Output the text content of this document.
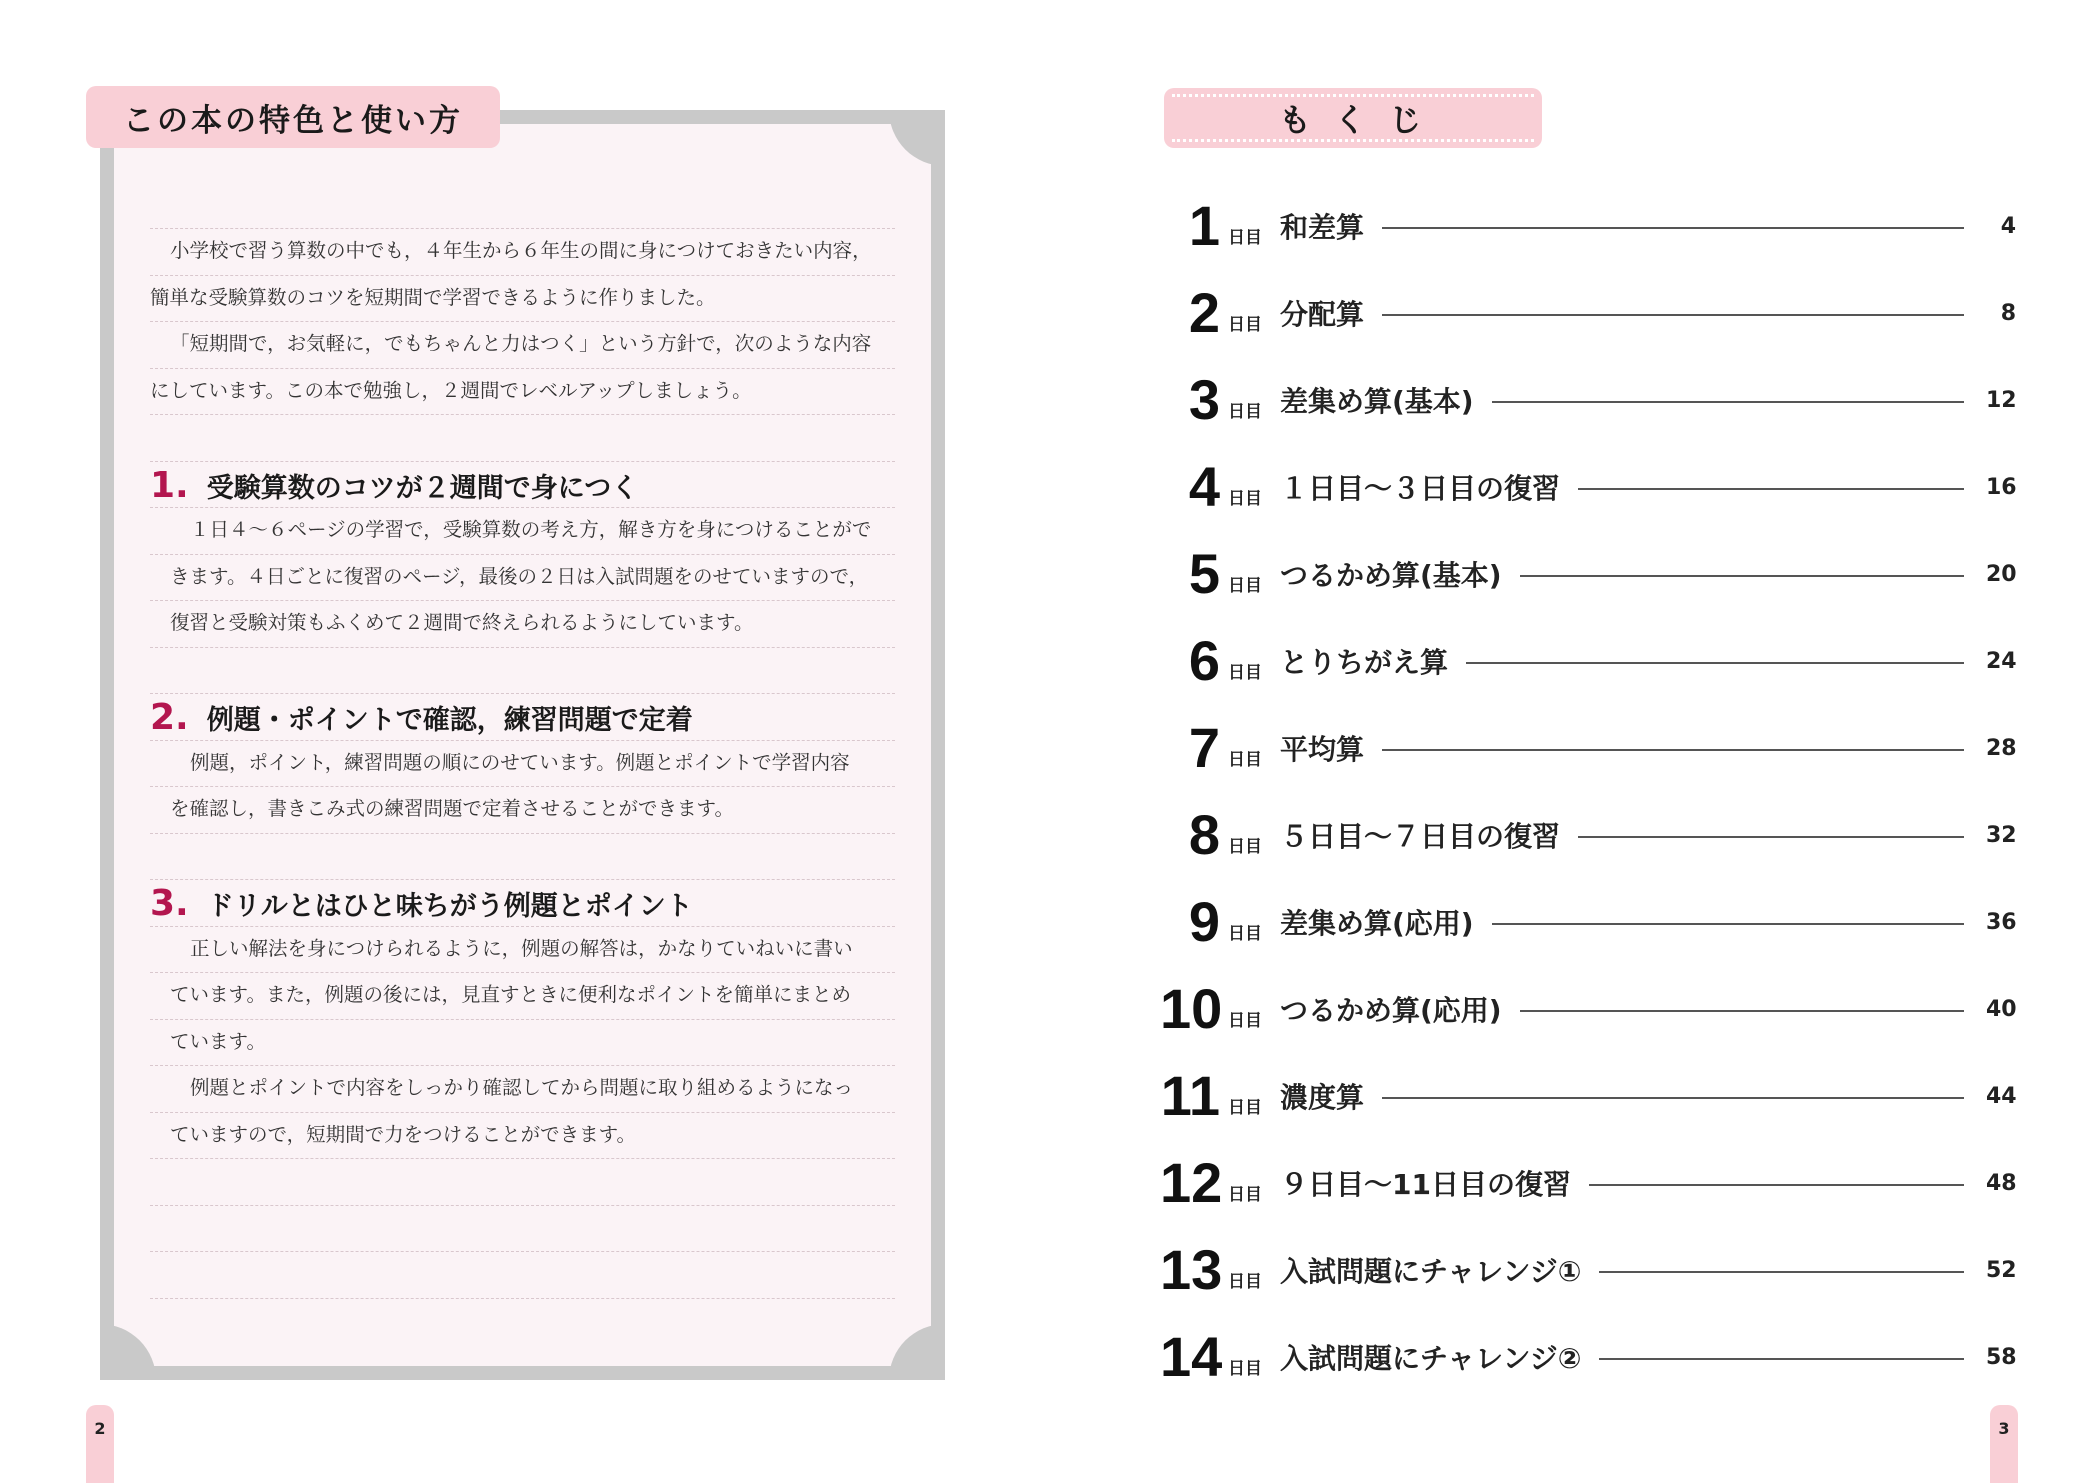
小学校で習う算数の中でも，４年生から６年生の間に身につけておきたい内容，
簡単な受験算数のコツを短期間で学習できるように作りました。
「短期間で，お気軽に，でもちゃんと力はつく」という方針で，次のような内容
にしています。この本で勉強し，２週間でレベルアップしましょう。
1. 受験算数のコツが２週間で身につく
１日４～６ページの学習で，受験算数の考え方，解き方を身につけることがで
きます。４日ごとに復習のページ，最後の２日は入試問題をのせていますので，
復習と受験対策もふくめて２週間で終えられるようにしています。
2. 例題・ポイントで確認，練習問題で定着
例題，ポイント，練習問題の順にのせています。例題とポイントで学習内容
を確認し，書きこみ式の練習問題で定着させることができます。
3. ドリルとはひと味ちがう例題とポイント
正しい解法を身につけられるように，例題の解答は，かなりていねいに書い
ています。また，例題の後には，見直すときに便利なポイントを簡単にまとめ
ています。
例題とポイントで内容をしっかり確認してから問題に取り組めるようになっ
ていますので，短期間で力をつけることができます。
この本の特色と使い方
2
も く じ
1 日目 和差算	4
2 日目 分配算	8
3 日目 差集め算(基本)	12
4 日目 １日目～３日目の復習	16
5 日目 つるかめ算(基本)	20
6 日目 とりちがえ算	24
7 日目 平均算	28
8 日目 ５日目～７日目の復習	32
9 日目 差集め算(応用)	36
10 日目 つるかめ算(応用)	40
11 日目 濃度算	44
12 日目 ９日目～11日目の復習	48
13 日目 入試問題にチャレンジ①	52
14 日目 入試問題にチャレンジ②	58
3
